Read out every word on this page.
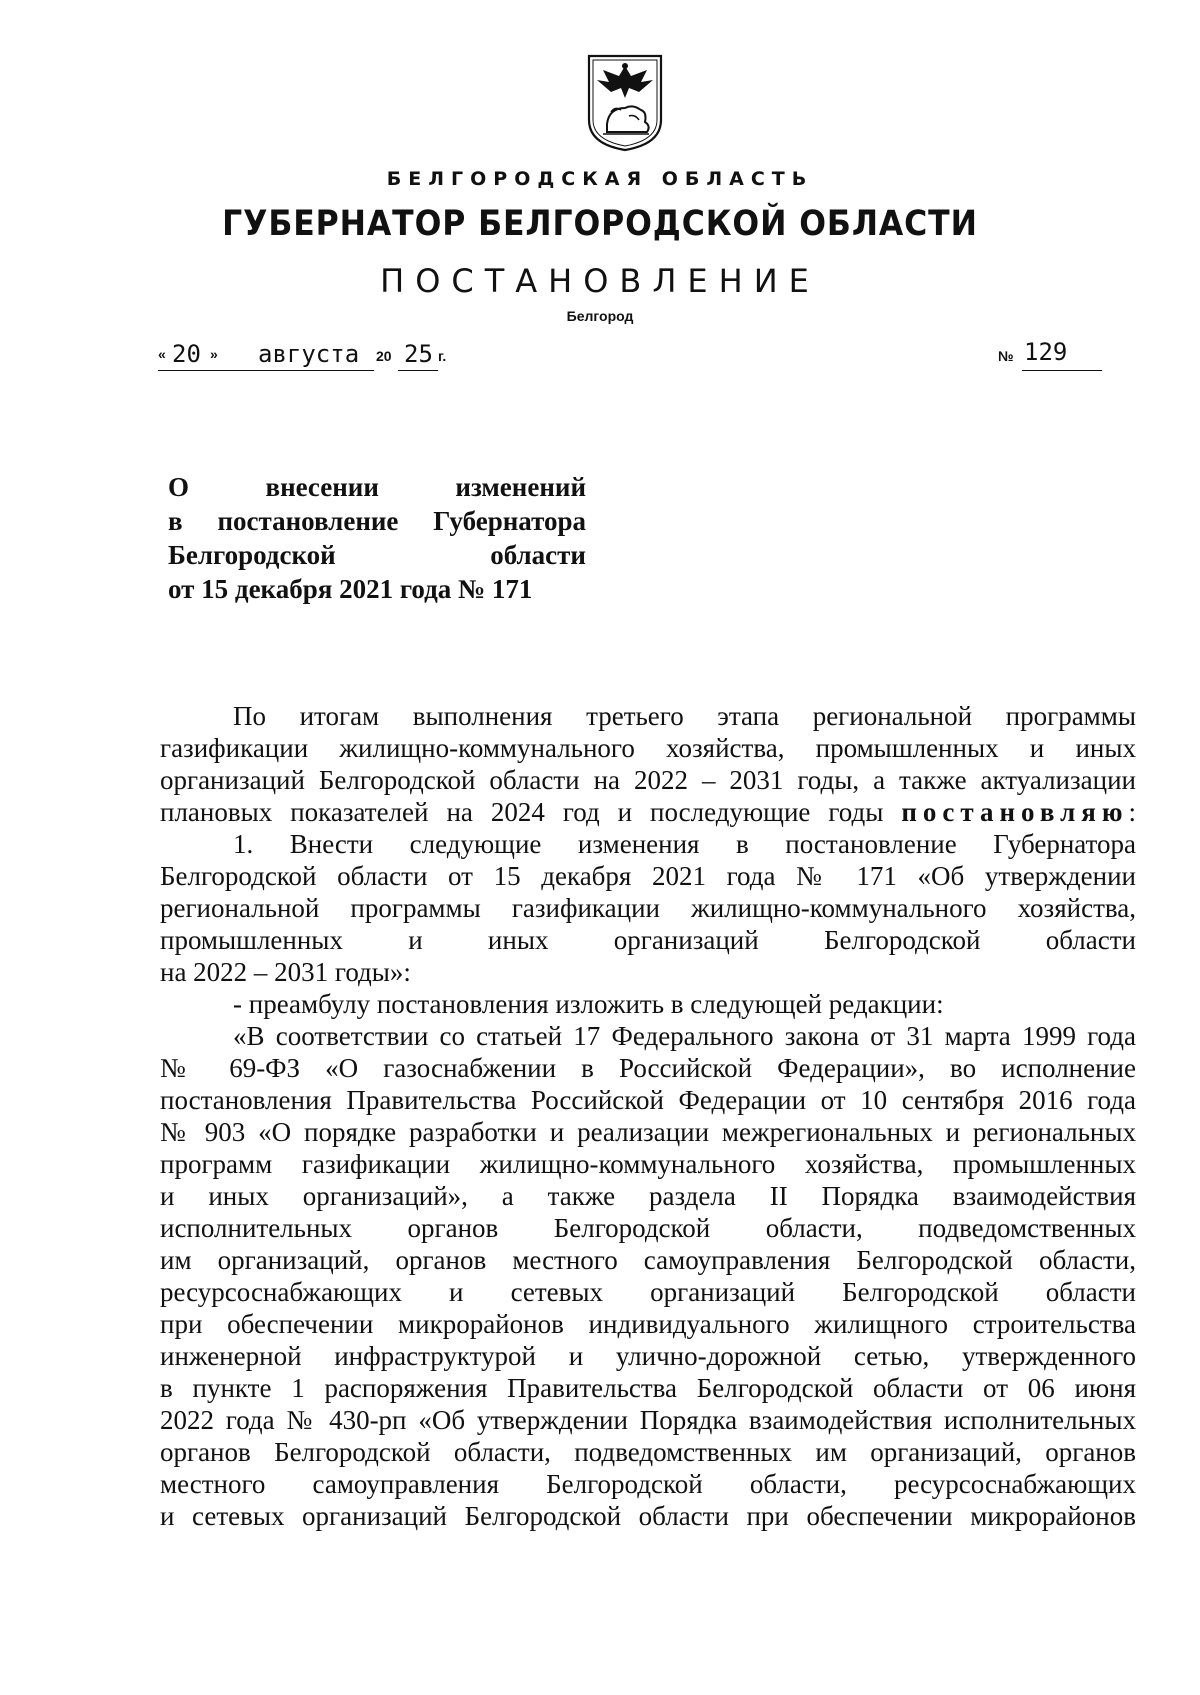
БЕЛГОРОДСКАЯ ОБЛАСТЬ
ГУБЕРНАТОР БЕЛГОРОДСКОЙ ОБЛАСТИ
ПОСТАНОВЛЕНИЕ
Белгород
« 20 » августа 20 25 г.	№ 129
О внесении изменений
в постановление Губернатора
Белгородской области
от 15 декабря 2021 года № 171
По итогам выполнения третьего этапа региональной программы
газификации жилищно-коммунального хозяйства, промышленных и иных
организаций Белгородской области на 2022 – 2031 годы, а также актуализации
плановых показателей на 2024 год и последующие годы постановляю:
1. Внести следующие изменения в постановление Губернатора
Белгородской области от 15 декабря 2021 года № 171 «Об утверждении
региональной программы газификации жилищно-коммунального хозяйства,
промышленных и иных организаций Белгородской области
на 2022 – 2031 годы»:
- преамбулу постановления изложить в следующей редакции:
«В соответствии со статьей 17 Федерального закона от 31 марта 1999 года
№ 69-ФЗ «О газоснабжении в Российской Федерации», во исполнение
постановления Правительства Российской Федерации от 10 сентября 2016 года
№ 903 «О порядке разработки и реализации межрегиональных и региональных
программ газификации жилищно-коммунального хозяйства, промышленных
и иных организаций», а также раздела II Порядка взаимодействия
исполнительных органов Белгородской области, подведомственных
им организаций, органов местного самоуправления Белгородской области,
ресурсоснабжающих и сетевых организаций Белгородской области
при обеспечении микрорайонов индивидуального жилищного строительства
инженерной инфраструктурой и улично-дорожной сетью, утвержденного
в пункте 1 распоряжения Правительства Белгородской области от 06 июня
2022 года № 430-рп «Об утверждении Порядка взаимодействия исполнительных
органов Белгородской области, подведомственных им организаций, органов
местного самоуправления Белгородской области, ресурсоснабжающих
и сетевых организаций Белгородской области при обеспечении микрорайонов
